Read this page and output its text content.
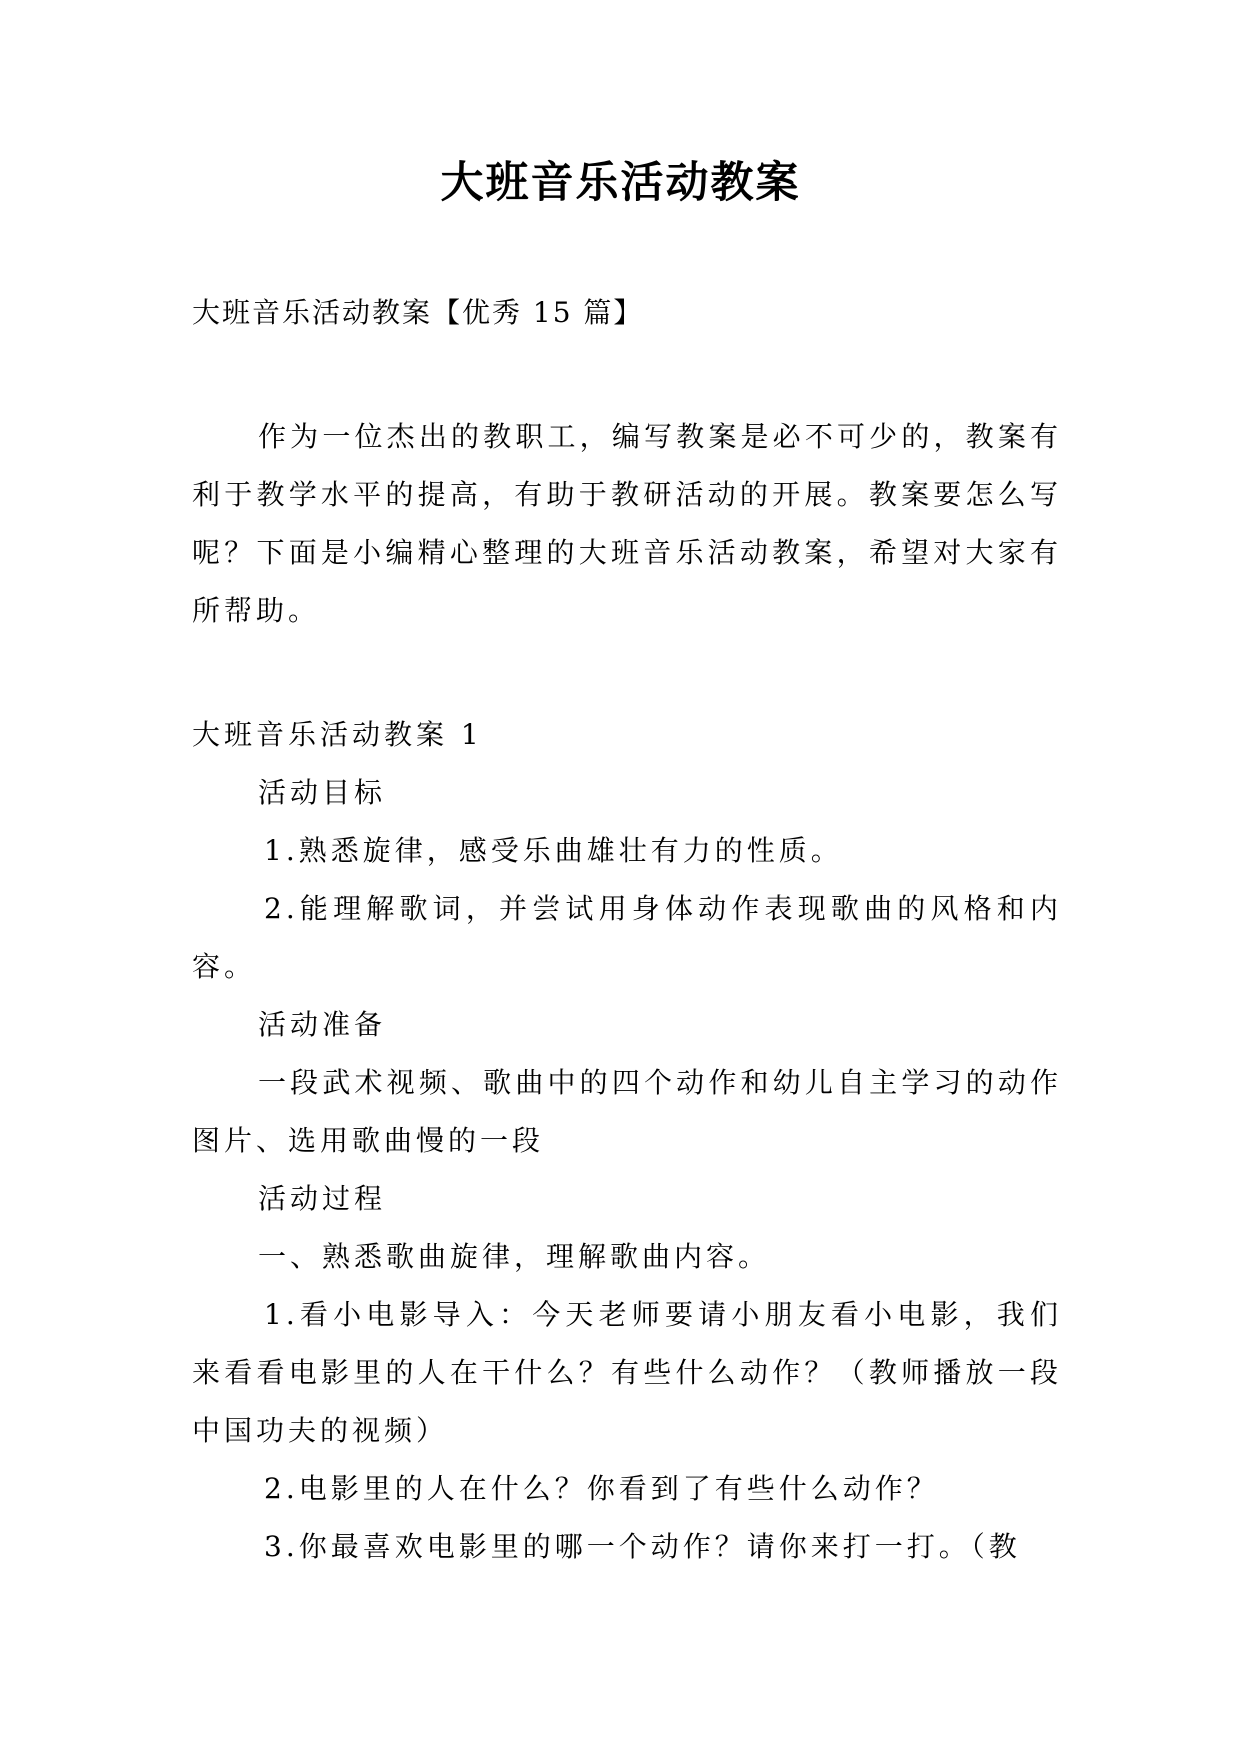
大班音乐活动教案
大班音乐活动教案【优秀 15 篇】
作为一位杰出的教职工，编写教案是必不可少的，教案有利于教学水平的提高，有助于教研活动的开展。教案要怎么写呢？下面是小编精心整理的大班音乐活动教案，希望对大家有所帮助。

大班音乐活动教案 1

活动目标

1.熟悉旋律，感受乐曲雄壮有力的性质。

2.能理解歌词，并尝试用身体动作表现歌曲的风格和内容。

活动准备

一段武术视频、歌曲中的四个动作和幼儿自主学习的动作图片、选用歌曲慢的一段

活动过程

一、熟悉歌曲旋律，理解歌曲内容。

1.看小电影导入：今天老师要请小朋友看小电影，我们来看看电影里的人在干什么？有些什么动作？（教师播放一段中国功夫的视频）

2.电影里的人在什么？你看到了有些什么动作？

3.你最喜欢电影里的哪一个动作？请你来打一打。（教
